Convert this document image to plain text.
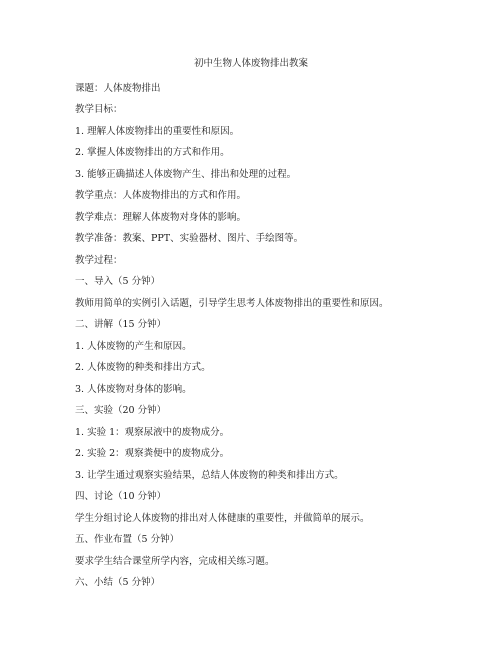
初中生物人体废物排出教案
课题：人体废物排出
教学目标：
1. 理解人体废物排出的重要性和原因。
2. 掌握人体废物排出的方式和作用。
3. 能够正确描述人体废物产生、排出和处理的过程。
教学重点：人体废物排出的方式和作用。
教学难点：理解人体废物对身体的影响。
教学准备：教案、PPT、实验器材、图片、手绘图等。
教学过程：
一、导入（5 分钟）
教师用简单的实例引入话题，引导学生思考人体废物排出的重要性和原因。
二、讲解（15 分钟）
1. 人体废物的产生和原因。
2. 人体废物的种类和排出方式。
3. 人体废物对身体的影响。
三、实验（20 分钟）
1. 实验 1：观察尿液中的废物成分。
2. 实验 2：观察粪便中的废物成分。
3. 让学生通过观察实验结果，总结人体废物的种类和排出方式。
四、讨论（10 分钟）
学生分组讨论人体废物的排出对人体健康的重要性，并做简单的展示。
五、作业布置（5 分钟）
要求学生结合课堂所学内容，完成相关练习题。
六、小结（5 分钟）
